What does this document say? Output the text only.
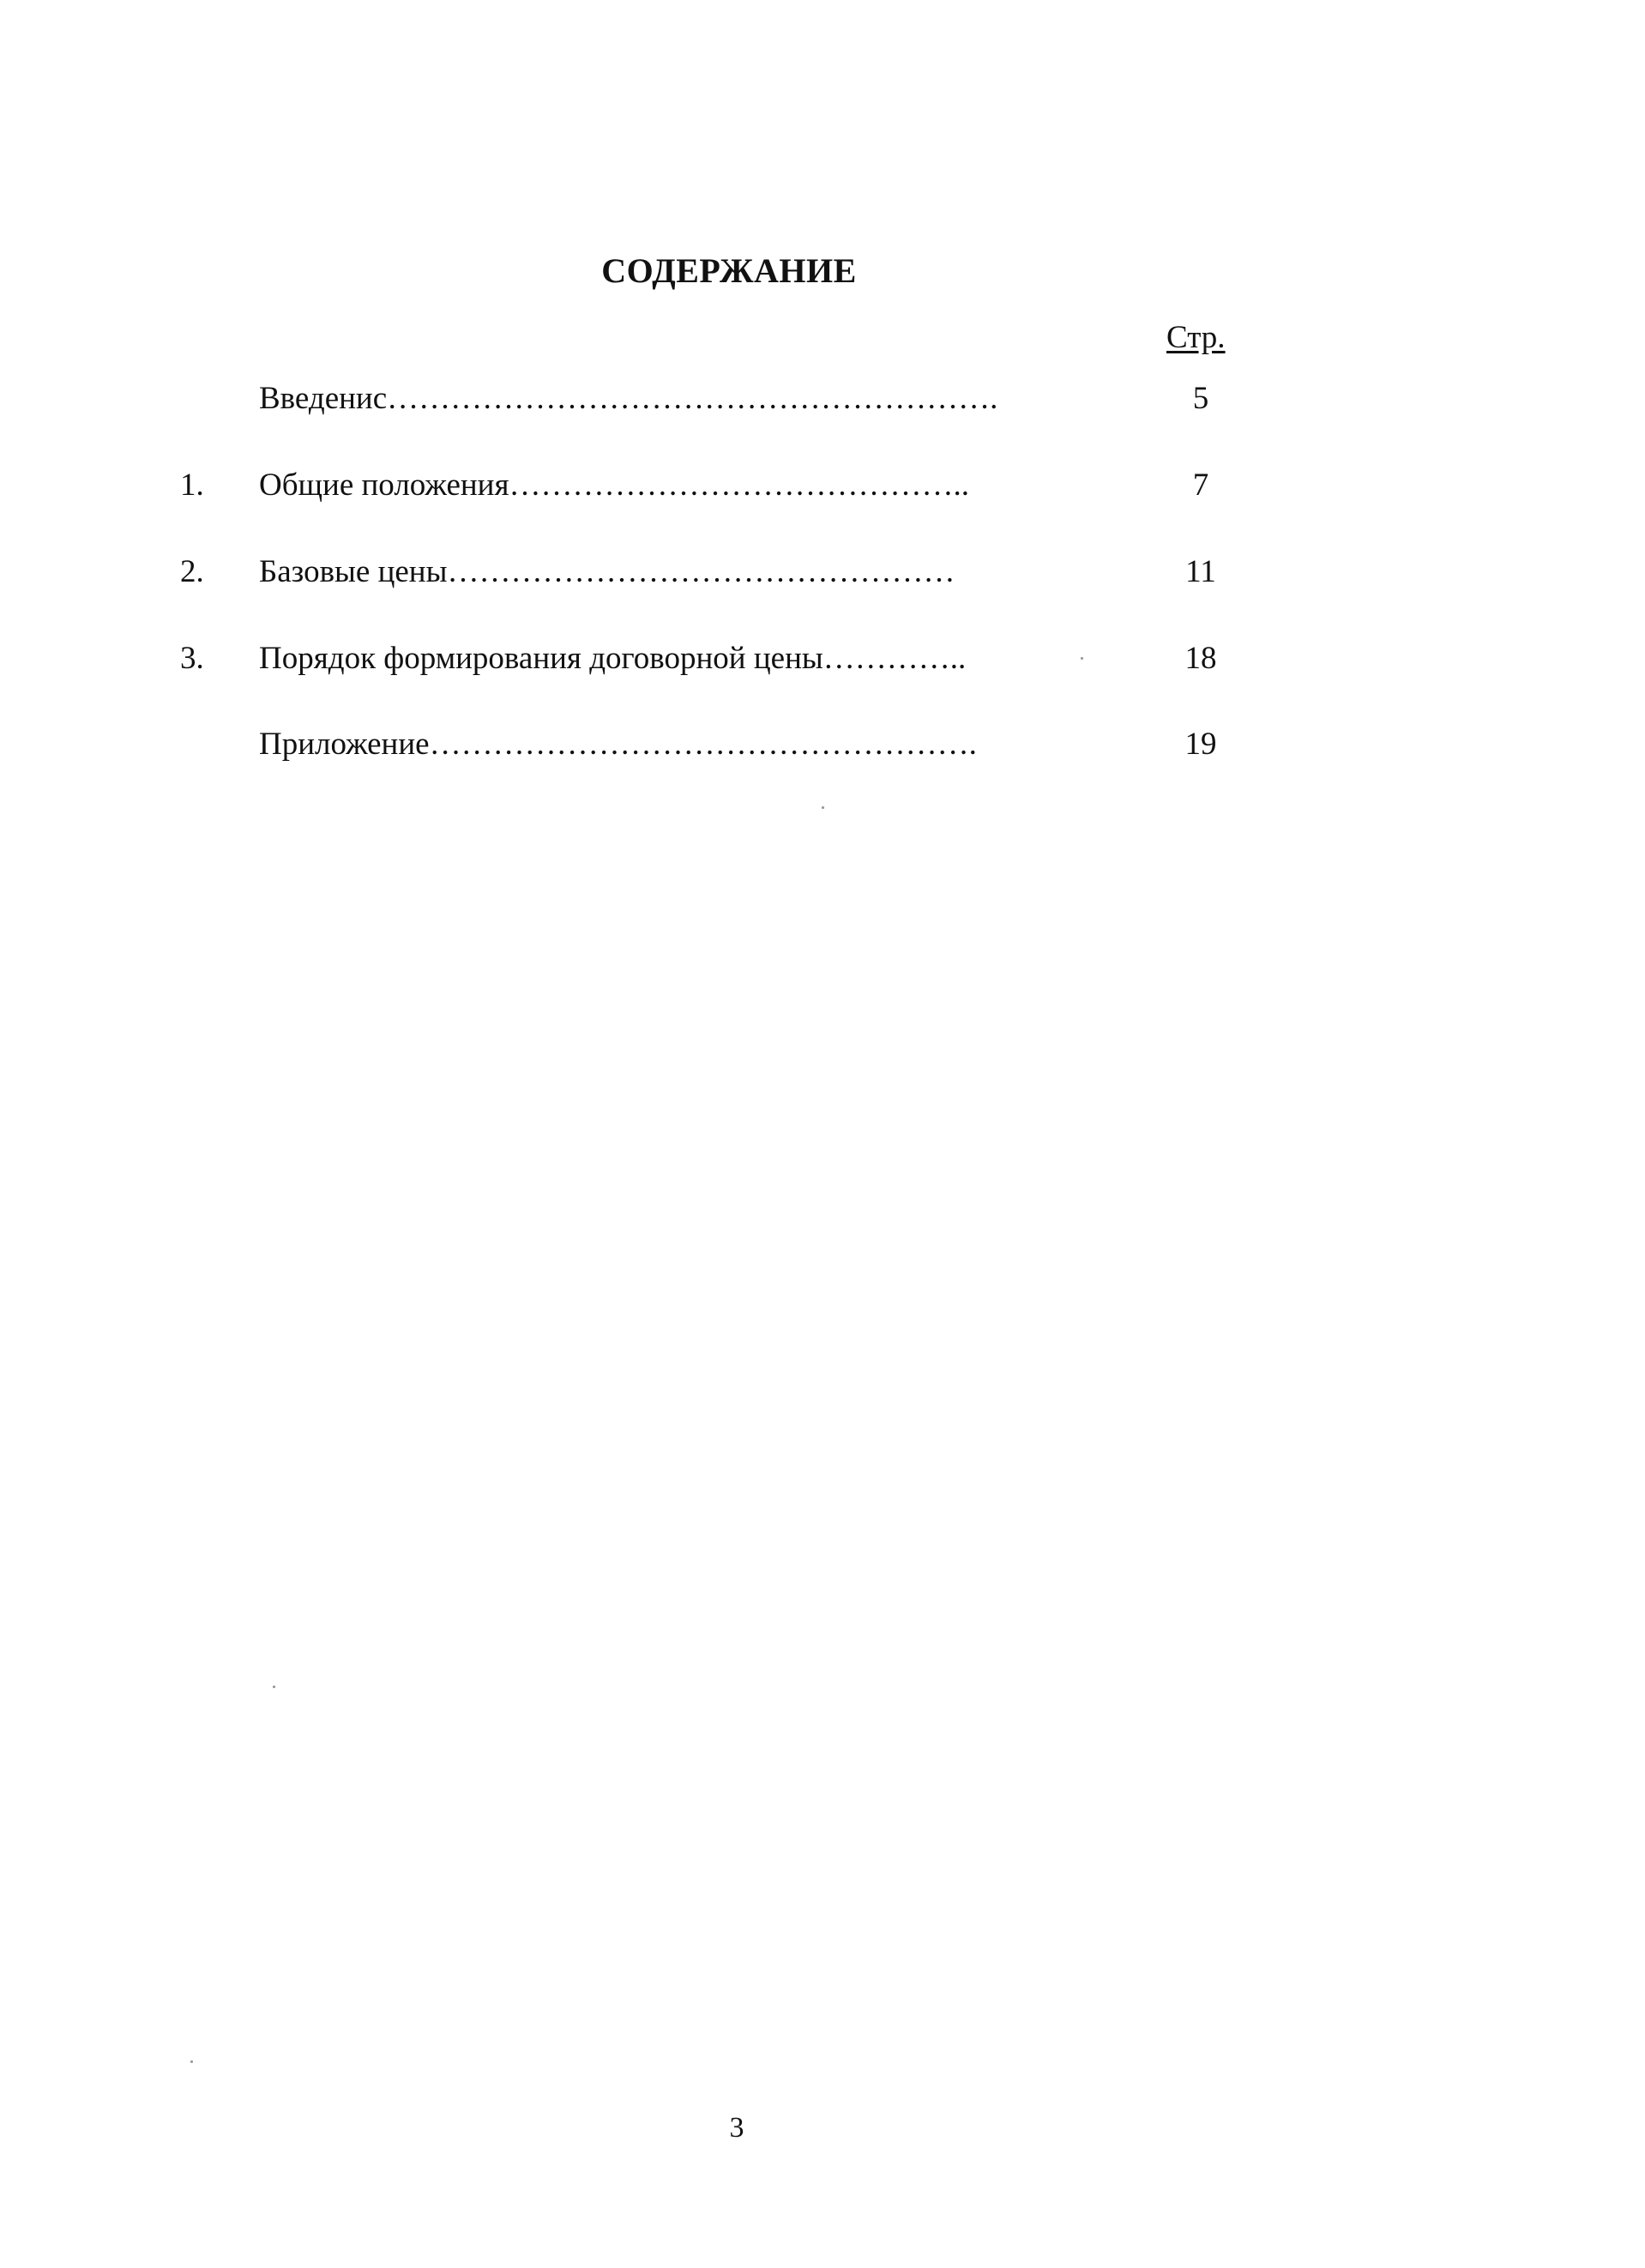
СОДЕРЖАНИЕ
Стр.
Введенис………………………………………………….	5
1. Общие положения……………………………………..	7
2. Базовые цены…………………………………………	11
3. Порядок формирования договорной цены…………..	18
Приложение…………………………………………….	19
3
